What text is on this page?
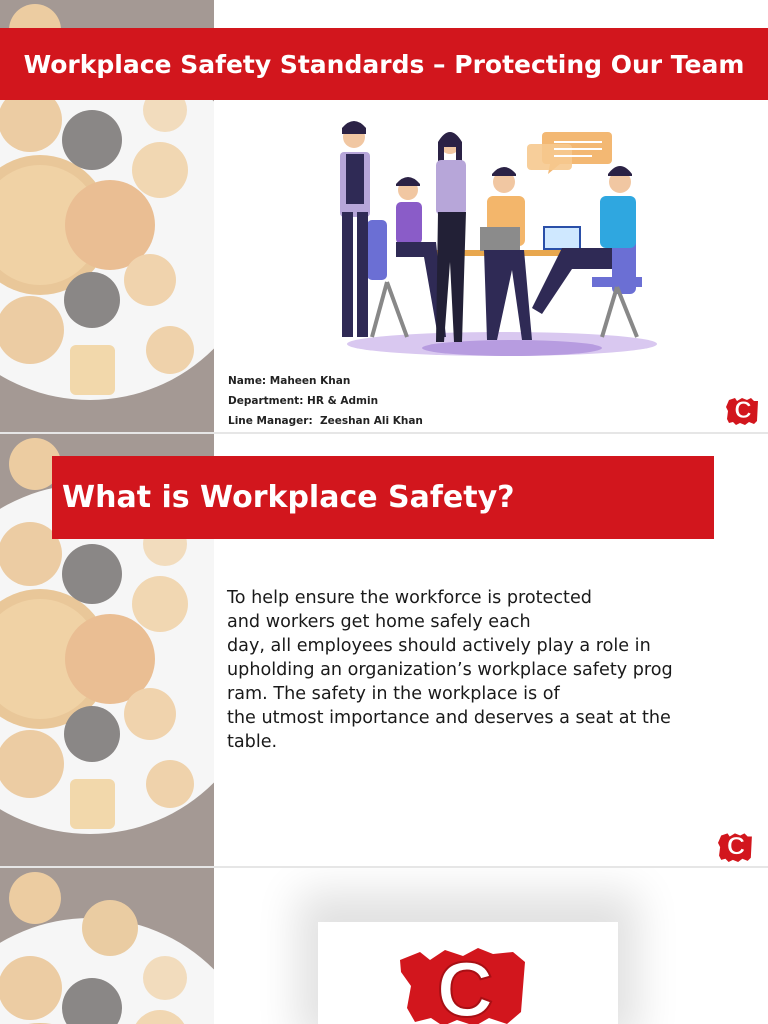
Workplace Safety Standards – Protecting Our Team
Name: Maheen Khan
Department: HR & Admin
Line Manager:  Zeeshan Ali Khan	C
What is Workplace Safety?
To help ensure the workforce is protected
and workers get home safely each
day, all employees should actively play a role in
upholding an organization’s workplace safety prog
ram. The safety in the workplace is of
the utmost importance and deserves a seat at the
table.
C
C
